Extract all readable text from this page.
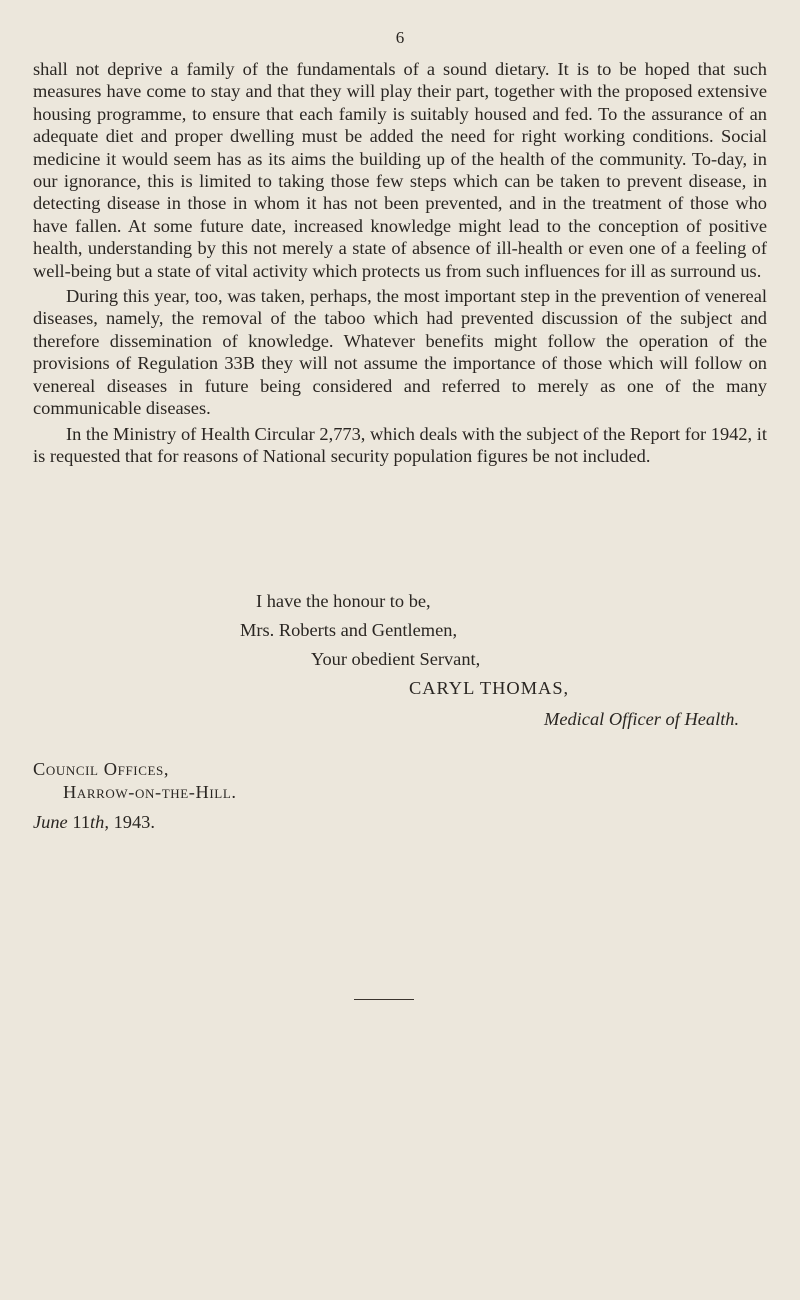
6

shall not deprive a family of the fundamentals of a sound dietary. It is to be hoped that such measures have come to stay and that they will play their part, together with the proposed extensive housing programme, to ensure that each family is suitably housed and fed. To the assurance of an adequate diet and proper dwelling must be added the need for right working conditions. Social medicine it would seem has as its aims the building up of the health of the community. To-day, in our ignorance, this is limited to taking those few steps which can be taken to prevent disease, in detecting disease in those in whom it has not been prevented, and in the treatment of those who have fallen. At some future date, increased knowledge might lead to the conception of positive health, understanding by this not merely a state of absence of ill-health or even one of a feeling of well-being but a state of vital activity which protects us from such influences for ill as surround us.

During this year, too, was taken, perhaps, the most important step in the prevention of venereal diseases, namely, the removal of the taboo which had prevented discussion of the subject and therefore dissemination of knowledge. Whatever benefits might follow the operation of the provisions of Regulation 33B they will not assume the importance of those which will follow on venereal diseases in future being considered and referred to merely as one of the many communicable diseases.

In the Ministry of Health Circular 2,773, which deals with the subject of the Report for 1942, it is requested that for reasons of National security population figures be not included.

I have the honour to be,
Mrs. Roberts and Gentlemen,
Your obedient Servant,
CARYL THOMAS,
Medical Officer of Health.
Council Offices,
Harrow-on-the-Hill.
June 11th, 1943.
